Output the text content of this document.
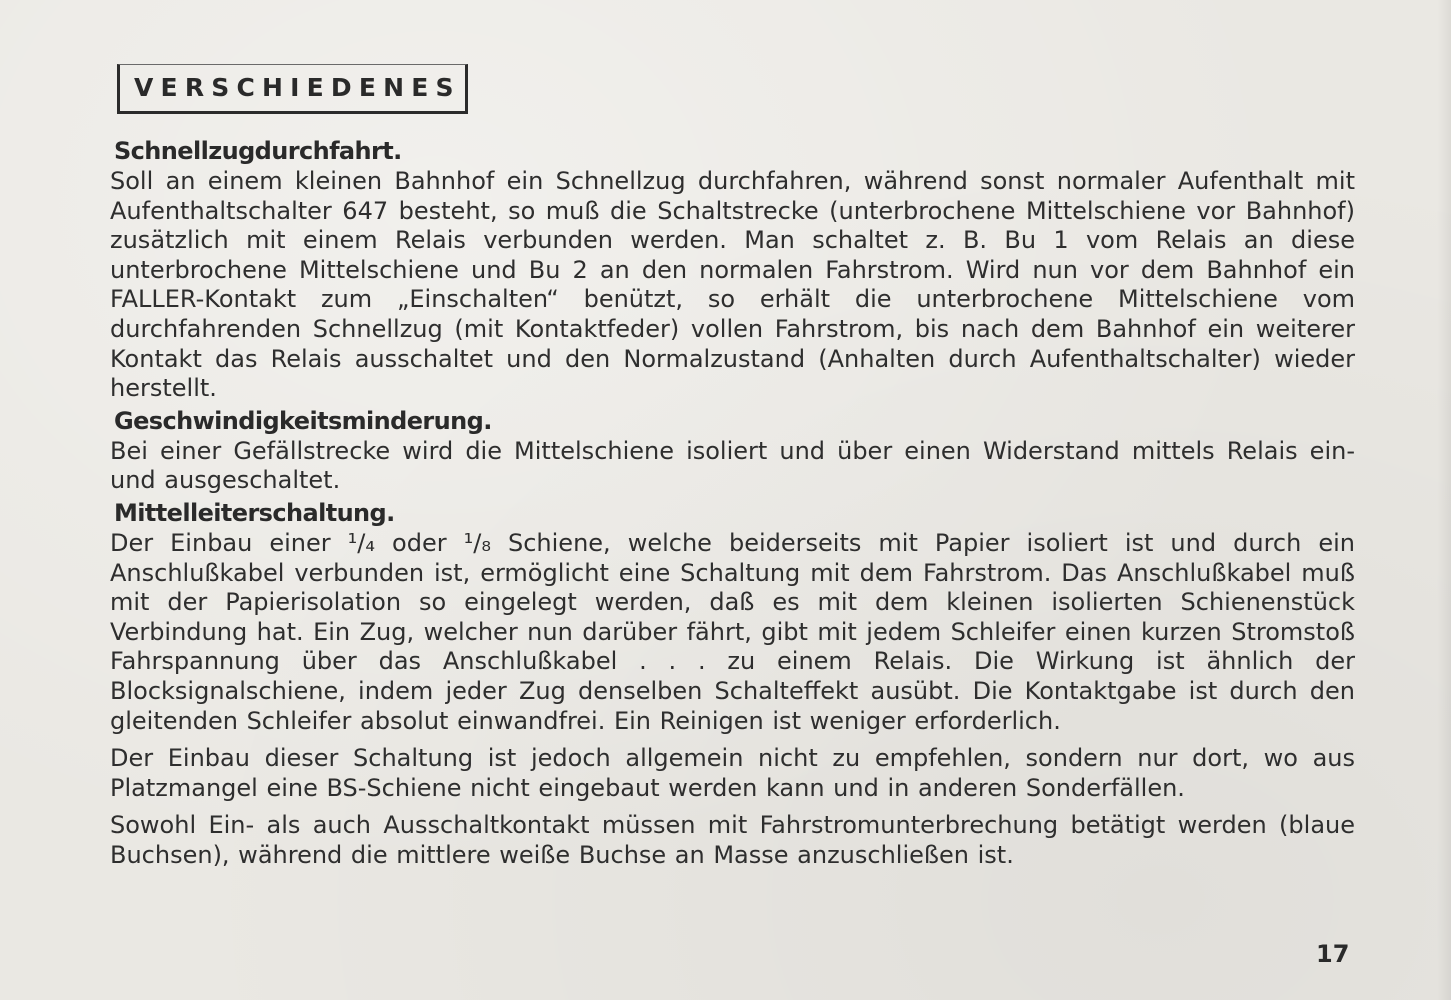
VERSCHIEDENES

Schnellzugdurchfahrt.

Soll an einem kleinen Bahnhof ein Schnellzug durchfahren, während sonst normaler Aufenthalt mit Aufenthaltschalter 647 besteht, so muß die Schaltstrecke (unterbrochene Mittelschiene vor Bahnhof) zusätzlich mit einem Relais verbunden werden. Man schaltet z. B. Bu 1 vom Relais an diese unterbrochene Mittelschiene und Bu 2 an den normalen Fahrstrom. Wird nun vor dem Bahnhof ein FALLER-Kontakt zum „Einschalten“ benützt, so erhält die unterbrochene Mittelschiene vom durchfahrenden Schnellzug (mit Kontaktfeder) vollen Fahrstrom, bis nach dem Bahnhof ein weiterer Kontakt das Relais ausschaltet und den Normalzustand (Anhalten durch Aufenthaltschalter) wieder herstellt.

Geschwindigkeitsminderung.

Bei einer Gefällstrecke wird die Mittelschiene isoliert und über einen Widerstand mittels Relais ein- und ausgeschaltet.

Mittelleiterschaltung.

Der Einbau einer ¹/₄ oder ¹/₈ Schiene, welche beiderseits mit Papier isoliert ist und durch ein Anschlußkabel verbunden ist, ermöglicht eine Schaltung mit dem Fahrstrom. Das Anschlußkabel muß mit der Papierisolation so eingelegt werden, daß es mit dem kleinen isolierten Schienenstück Verbindung hat. Ein Zug, welcher nun darüber fährt, gibt mit jedem Schleifer einen kurzen Stromstoß Fahrspannung über das Anschlußkabel . . . zu einem Relais. Die Wirkung ist ähnlich der Blocksignalschiene, indem jeder Zug denselben Schalteffekt ausübt. Die Kontaktgabe ist durch den gleitenden Schleifer absolut einwandfrei. Ein Reinigen ist weniger erforderlich.

Der Einbau dieser Schaltung ist jedoch allgemein nicht zu empfehlen, sondern nur dort, wo aus Platzmangel eine BS-Schiene nicht eingebaut werden kann und in anderen Sonderfällen.

Sowohl Ein- als auch Ausschaltkontakt müssen mit Fahrstromunterbrechung betätigt werden (blaue Buchsen), während die mittlere weiße Buchse an Masse anzuschließen ist.

17
